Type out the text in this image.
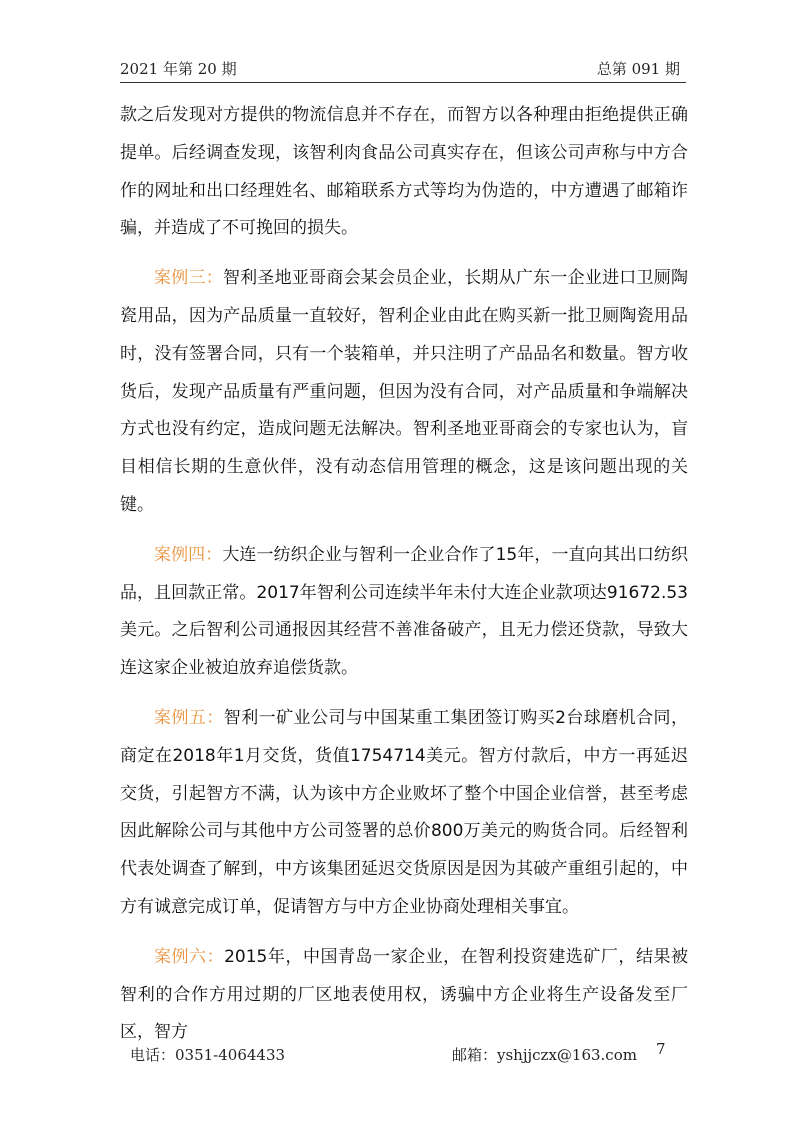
2021 年第 20 期	总第 091 期

款之后发现对方提供的物流信息并不存在，而智方以各种理由拒绝提供正确提单。后经调查发现，该智利肉食品公司真实存在，但该公司声称与中方合作的网址和出口经理姓名、邮箱联系方式等均为伪造的，中方遭遇了邮箱诈骗，并造成了不可挽回的损失。

案例三：智利圣地亚哥商会某会员企业，长期从广东一企业进口卫厕陶瓷用品，因为产品质量一直较好，智利企业由此在购买新一批卫厕陶瓷用品时，没有签署合同，只有一个装箱单，并只注明了产品品名和数量。智方收货后，发现产品质量有严重问题，但因为没有合同，对产品质量和争端解决方式也没有约定，造成问题无法解决。智利圣地亚哥商会的专家也认为，盲目相信长期的生意伙伴，没有动态信用管理的概念，这是该问题出现的关键。

案例四：大连一纺织企业与智利一企业合作了15年，一直向其出口纺织品，且回款正常。2017年智利公司连续半年未付大连企业款项达91672.53美元。之后智利公司通报因其经营不善准备破产，且无力偿还贷款，导致大连这家企业被迫放弃追偿货款。

案例五：智利一矿业公司与中国某重工集团签订购买2台球磨机合同，商定在2018年1月交货，货值1754714美元。智方付款后，中方一再延迟交货，引起智方不满，认为该中方企业败坏了整个中国企业信誉，甚至考虑因此解除公司与其他中方公司签署的总价800万美元的购货合同。后经智利代表处调查了解到，中方该集团延迟交货原因是因为其破产重组引起的，中方有诚意完成订单，促请智方与中方企业协商处理相关事宜。

案例六：2015年，中国青岛一家企业，在智利投资建选矿厂，结果被智利的合作方用过期的厂区地表使用权，诱骗中方企业将生产设备发至厂区，智方

电话：0351-4064433	邮箱：yshjjczx@163.com 7
